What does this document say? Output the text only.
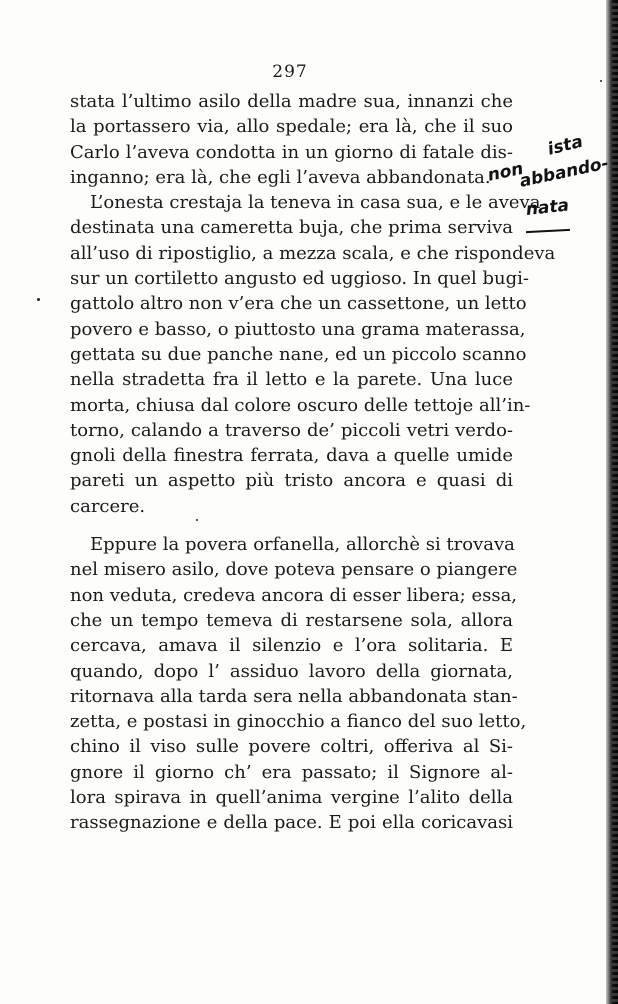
297
stata l’ultimo asilo della madre sua, innanzi che
la portassero via, allo spedale; era là, che il suo
Carlo l’aveva condotta in un giorno di fatale dis-
inganno; era là, che egli l’aveva abbandonata.
L’onesta crestaja la teneva in casa sua, e le aveva
destinata una cameretta buja, che prima serviva
all’uso di ripostiglio, a mezza scala, e che rispondeva
sur un cortiletto angusto ed uggioso. In quel bugi-
gattolo altro non v’era che un cassettone, un letto
povero e basso, o piuttosto una grama materassa,
gettata su due panche nane, ed un piccolo scanno
nella stradetta fra il letto e la parete. Una luce
morta, chiusa dal colore oscuro delle tettoje all’in-
torno, calando a traverso de’ piccoli vetri verdo-
gnoli della finestra ferrata, dava a quelle umide
pareti un aspetto più tristo ancora e quasi di
carcere.
Eppure la povera orfanella, allorchè si trovava
nel misero asilo, dove poteva pensare o piangere
non veduta, credeva ancora di esser libera; essa,
che un tempo temeva di restarsene sola, allora
cercava, amava il silenzio e l’ora solitaria. E
quando, dopo l’ assiduo lavoro della giornata,
ritornava alla tarda sera nella abbandonata stan-
zetta, e postasi in ginocchio a fianco del suo letto,
chino il viso sulle povere coltri, offeriva al Si-
gnore il giorno ch’ era passato; il Signore al-
lora spirava in quell’anima vergine l’alito della
rassegnazione e della pace. E poi ella coricavasi
ista
non
abbando-
nata
